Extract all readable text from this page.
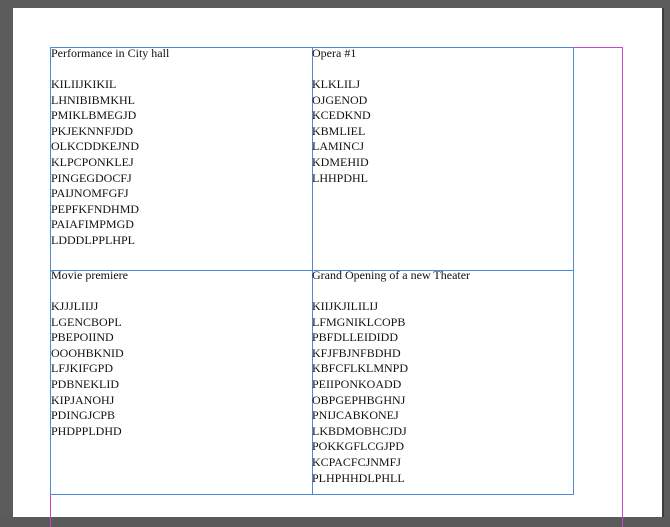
Performance in City hall
KILIIJKIKIL
LHNIBIBMKHL
PMIKLBMEGJD
PKJEKNNFJDD
OLKCDDKEJND
KLPCPONKLEJ
PINGEGDOCFJ
PAIJNOMFGFJ
PEPFKFNDHMD
PAIAFIMPMGD
LDDDLPPLHPL
Opera #1
KLKLILJ
OJGENOD
KCEDKND
KBMLIEL
LAMINCJ
KDMEHID
LHHPDHL
Movie premiere
KJJJLIIJJ
LGENCBOPL
PBEPOIIND
OOOHBKNID
LFJKIFGPD
PDBNEKLID
KIPJANOHJ
PDINGJCPB
PHDPPLDHD
Grand Opening of a new Theater
KIIJKJILILIJ
LFMGNIKLCOPB
PBFDLLEIDIDD
KFJFBJNFBDHD
KBFCFLKLMNPD
PEIIPONKOADD
OBPGEPHBGHNJ
PNIJCABKONEJ
LKBDMOBHCJDJ
POKKGFLCGJPD
KCPACFCJNMFJ
PLHPHHDLPHLL
